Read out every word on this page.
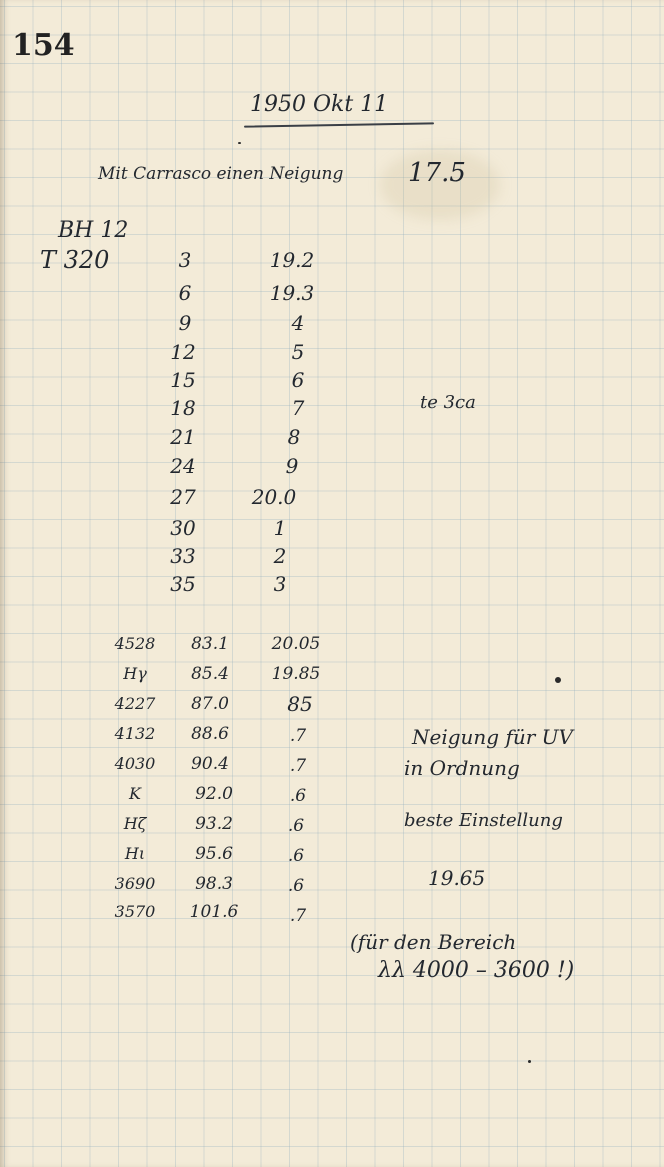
154
1950 Okt 11
Mit Carrasco einen Neigung 17.5
BH 12
T 320	3	19.2
6	19.3
9	4
12	5
15	6
18	7
21	8
24	9
27	20.0
30	1
33	2
35	3
te 3ca
4528	83.1	20.05
Hγ	85.4	19.85
4227	87.0	85
4132	88.6	.7
4030	90.4	.7
K	92.0	.6
Hζ	93.2	.6
Hι	95.6	.6
3690	98.3	.6
3570	101.6	.7
Neigung für UV
in Ordnung
beste Einstellung
19.65
(für den Bereich
λλ 4000 – 3600 !)
